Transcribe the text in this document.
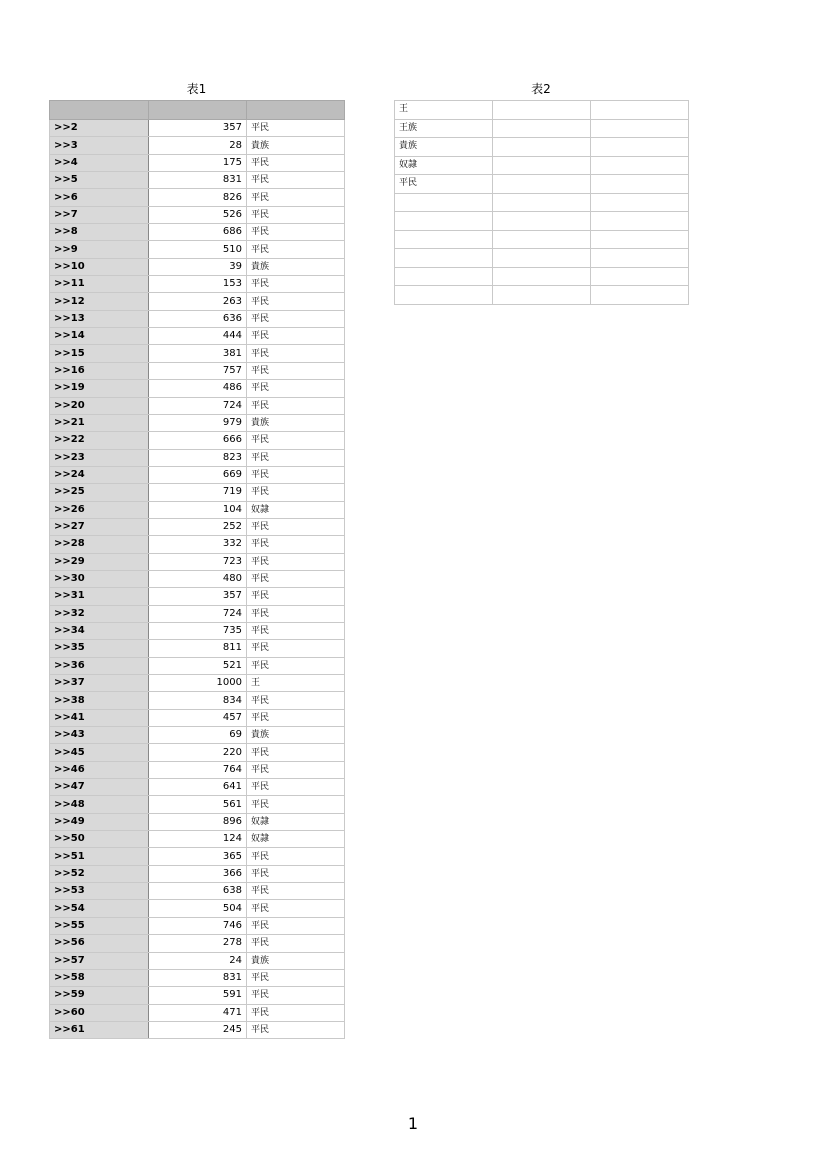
表1

>>2	357	平民
>>3	28	貴族
>>4	175	平民
>>5	831	平民
>>6	826	平民
>>7	526	平民
>>8	686	平民
>>9	510	平民
>>10	39	貴族
>>11	153	平民
>>12	263	平民
>>13	636	平民
>>14	444	平民
>>15	381	平民
>>16	757	平民
>>19	486	平民
>>20	724	平民
>>21	979	貴族
>>22	666	平民
>>23	823	平民
>>24	669	平民
>>25	719	平民
>>26	104	奴隷
>>27	252	平民
>>28	332	平民
>>29	723	平民
>>30	480	平民
>>31	357	平民
>>32	724	平民
>>34	735	平民
>>35	811	平民
>>36	521	平民
>>37	1000	王
>>38	834	平民
>>41	457	平民
>>43	69	貴族
>>45	220	平民
>>46	764	平民
>>47	641	平民
>>48	561	平民
>>49	896	奴隷
>>50	124	奴隷
>>51	365	平民
>>52	366	平民
>>53	638	平民
>>54	504	平民
>>55	746	平民
>>56	278	平民
>>57	24	貴族
>>58	831	平民
>>59	591	平民
>>60	471	平民
>>61	245	平民
表2
王		
王族		
貴族		
奴隷		
平民		

1
